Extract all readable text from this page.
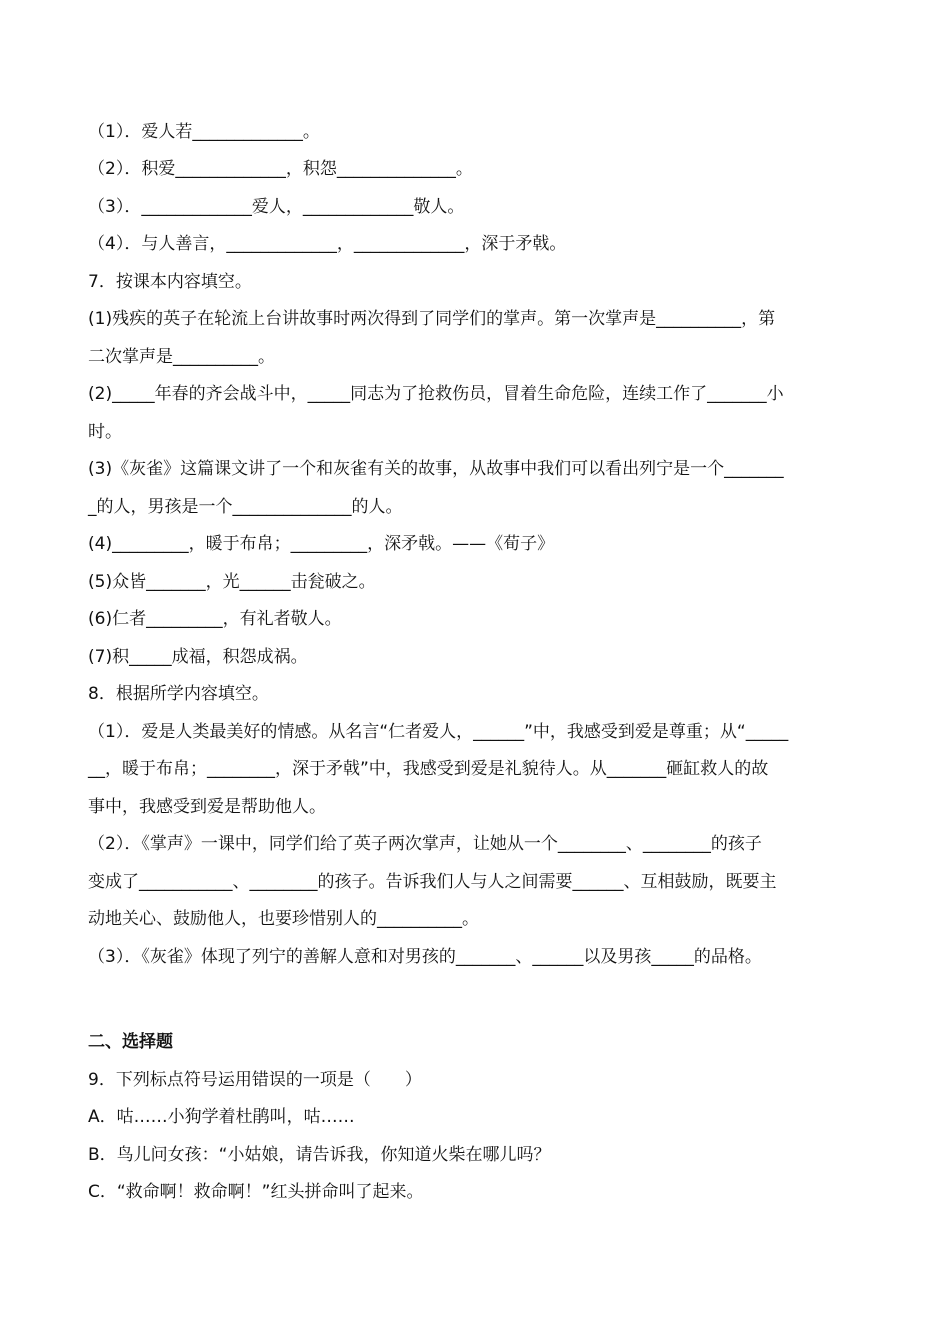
（1）．爱人若_____________。
（2）．积爱_____________，积怨______________。
（3）．_____________爱人，_____________敬人。
（4）．与人善言，_____________，_____________，深于矛戟。
7．按课本内容填空。
(1)残疾的英子在轮流上台讲故事时两次得到了同学们的掌声。第一次掌声是__________，第
二次掌声是__________。
(2)_____年春的齐会战斗中，_____同志为了抢救伤员，冒着生命危险，连续工作了_______小
时。
(3)《灰雀》这篇课文讲了一个和灰雀有关的故事，从故事中我们可以看出列宁是一个_______
_的人，男孩是一个______________的人。
(4)_________，暖于布帛；_________，深矛戟。——《荀子》
(5)众皆_______，光______击瓮破之。
(6)仁者_________，有礼者敬人。
(7)积_____成福，积怨成祸。
8．根据所学内容填空。
（1）．爱是人类最美好的情感。从名言“仁者爱人，______”中，我感受到爱是尊重；从“_____
__，暖于布帛；________，深于矛戟”中，我感受到爱是礼貌待人。从_______砸缸救人的故
事中，我感受到爱是帮助他人。
（2）．《掌声》一课中，同学们给了英子两次掌声，让她从一个________、________的孩子
变成了___________、________的孩子。告诉我们人与人之间需要______、互相鼓励，既要主
动地关心、鼓励他人，也要珍惜别人的__________。
（3）．《灰雀》体现了列宁的善解人意和对男孩的_______、______以及男孩_____的品格。
二、选择题
9．下列标点符号运用错误的一项是（　　）
A．咕……小狗学着杜鹃叫，咕……
B．鸟儿问女孩：“小姑娘，请告诉我，你知道火柴在哪儿吗？
C．“救命啊！救命啊！”红头拼命叫了起来。
